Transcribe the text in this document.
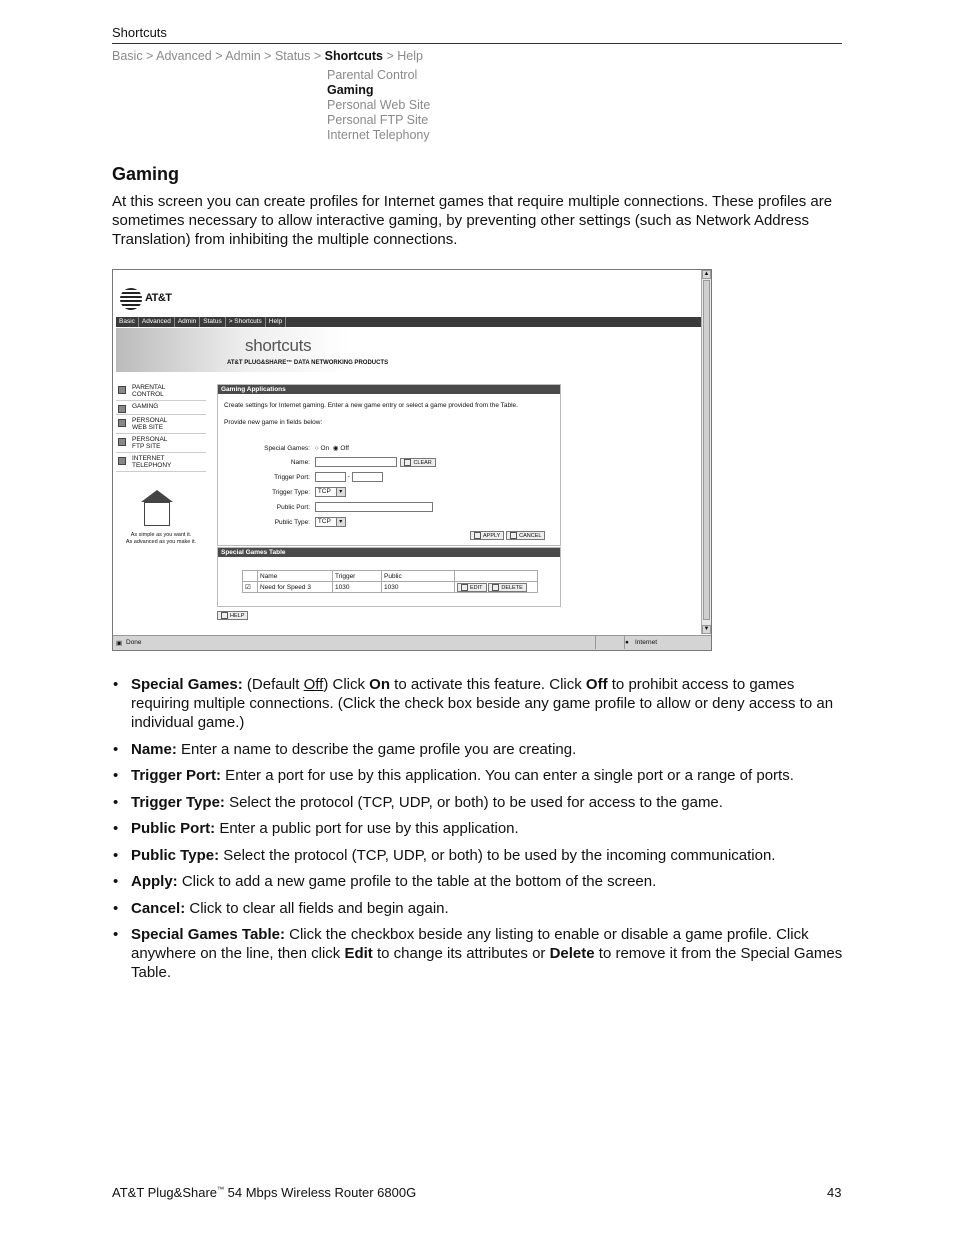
Shortcuts
Basic > Advanced > Admin > Status > Shortcuts > Help
Parental Control
Gaming
Personal Web Site
Personal FTP Site
Internet Telephony
Gaming
At this screen you can create profiles for Internet games that require multiple connections. These profiles are sometimes necessary to allow interactive gaming, by preventing other settings (such as Network Address Translation) from inhibiting the multiple connections.
▲
▼
AT&T
Basic Advanced Admin Status > Shortcuts Help
shortcuts
AT&T PLUG&SHARE™ DATA NETWORKING PRODUCTS
PARENTAL
CONTROL
GAMING
PERSONAL
WEB SITE
PERSONAL
FTP SITE
INTERNET
TELEPHONY
As simple as you want it.
As advanced as you make it.
Gaming Applications
Create settings for Internet gaming. Enter a new game entry or select a game provided from the Table.
Provide new game in fields below:
Special Games: ○ On ◉ Off
Name:	CLEAR
Trigger Port:	-
Trigger Type: TCP ▾
Public Port:
Public Type: TCP ▾
APPLY	CANCEL
Special Games Table
	Name	Trigger	Public	
☑	Need for Speed 3	1030	1030	EDIT DELETE
HELP
▣ Done	● Internet
• Special Games: (Default Off) Click On to activate this feature. Click Off to prohibit access to games requiring multiple connections. (Click the check box beside any game profile to allow or deny access to an individual game.)
• Name: Enter a name to describe the game profile you are creating.
• Trigger Port: Enter a port for use by this application. You can enter a single port or a range of ports.
• Trigger Type: Select the protocol (TCP, UDP, or both) to be used for access to the game.
• Public Port: Enter a public port for use by this application.
• Public Type: Select the protocol (TCP, UDP, or both) to be used by the incoming communication.
• Apply: Click to add a new game profile to the table at the bottom of the screen.
• Cancel: Click to clear all fields and begin again.
• Special Games Table: Click the checkbox beside any listing to enable or disable a game profile. Click anywhere on the line, then click Edit to change its attributes or Delete to remove it from the Special Games Table.
AT&T Plug&Share™ 54 Mbps Wireless Router 6800G	43
